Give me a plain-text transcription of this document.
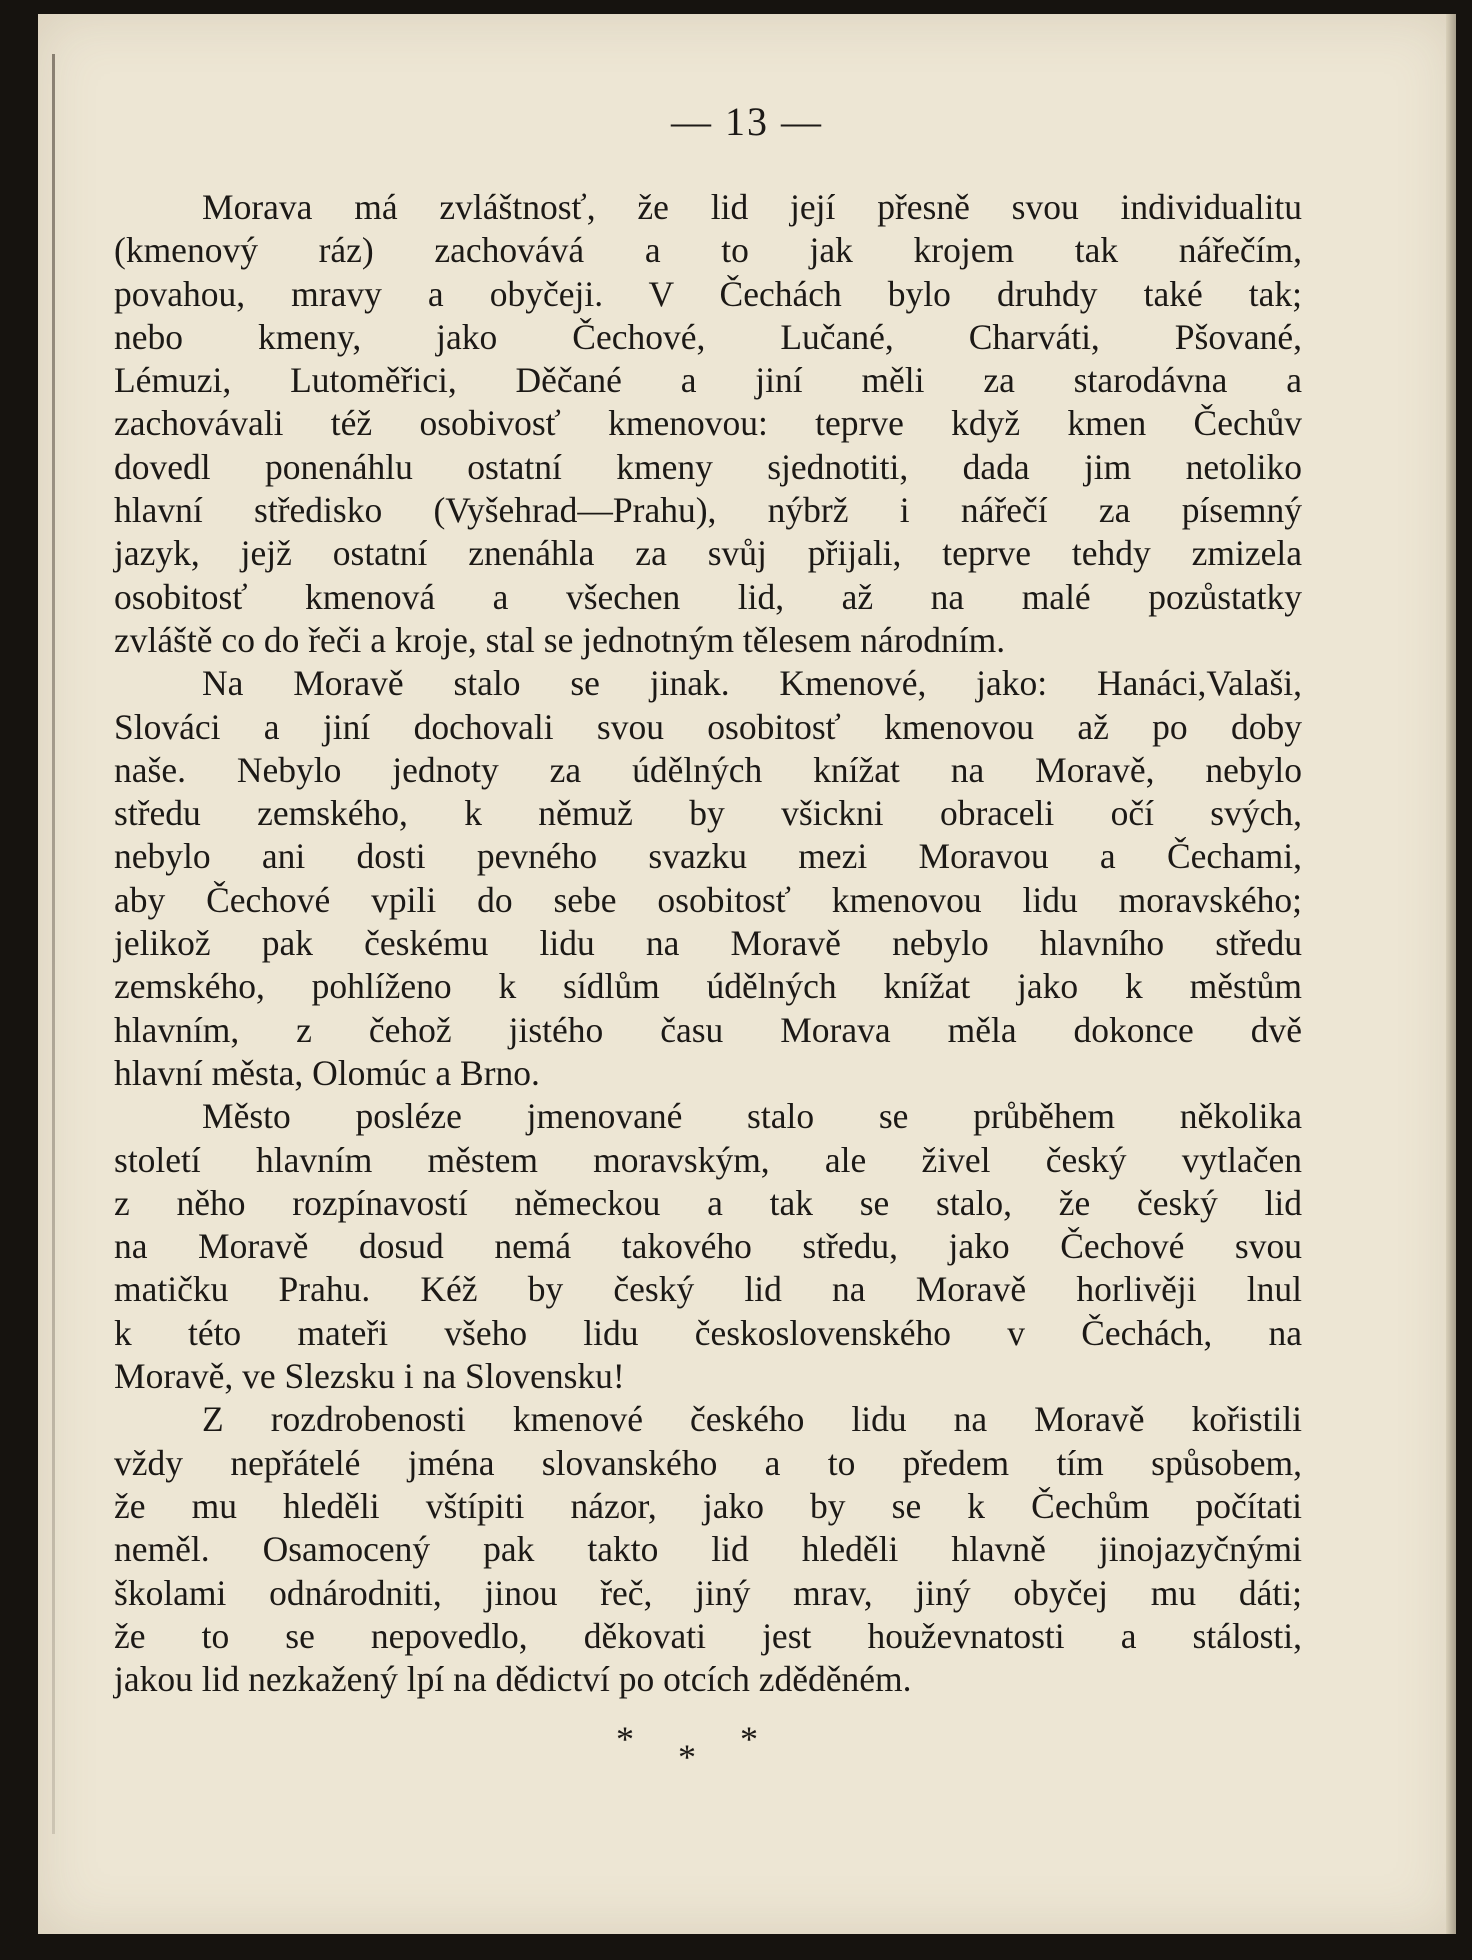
— 13 —
Morava má zvláštnosť, že lid její přesně svou individualitu
(kmenový ráz) zachovává a to jak krojem tak nářečím,
povahou, mravy a obyčeji. V Čechách bylo druhdy také tak;
nebo kmeny, jako Čechové, Lučané, Charváti, Pšované,
Lémuzi, Lutoměřici, Děčané a jiní měli za starodávna a
zachovávali též osobivosť kmenovou: teprve když kmen Čechův
dovedl ponenáhlu ostatní kmeny sjednotiti, dada jim netoliko
hlavní středisko (Vyšehrad—Prahu), nýbrž i nářečí za písemný
jazyk, jejž ostatní znenáhla za svůj přijali, teprve tehdy zmizela
osobitosť kmenová a všechen lid, až na malé pozůstatky
zvláště co do řeči a kroje, stal se jednotným tělesem národním.
Na Moravě stalo se jinak. Kmenové, jako: Hanáci,Valaši,
Slováci a jiní dochovali svou osobitosť kmenovou až po doby
naše. Nebylo jednoty za údělných knížat na Moravě, nebylo
středu zemského, k němuž by všickni obraceli očí svých,
nebylo ani dosti pevného svazku mezi Moravou a Čechami,
aby Čechové vpili do sebe osobitosť kmenovou lidu moravského;
jelikož pak českému lidu na Moravě nebylo hlavního středu
zemského, pohlíženo k sídlům údělných knížat jako k městům
hlavním, z čehož jistého času Morava měla dokonce dvě
hlavní města, Olomúc a Brno.
Město posléze jmenované stalo se průběhem několika
století hlavním městem moravským, ale živel český vytlačen
z něho rozpínavostí německou a tak se stalo, že český lid
na Moravě dosud nemá takového středu, jako Čechové svou
matičku Prahu. Kéž by český lid na Moravě horlivěji lnul
k této mateři všeho lidu československého v Čechách, na
Moravě, ve Slezsku i na Slovensku!
Z rozdrobenosti kmenové českého lidu na Moravě kořistili
vždy nepřátelé jména slovanského a to předem tím spůsobem,
že mu hleděli vštípiti názor, jako by se k Čechům počítati
neměl. Osamocený pak takto lid hleděli hlavně jinojazyčnými
školami odnárodniti, jinou řeč, jiný mrav, jiný obyčej mu dáti;
že to se nepovedlo, děkovati jest houževnatosti a stálosti,
jakou lid nezkažený lpí na dědictví po otcích zděděném.
* * *
